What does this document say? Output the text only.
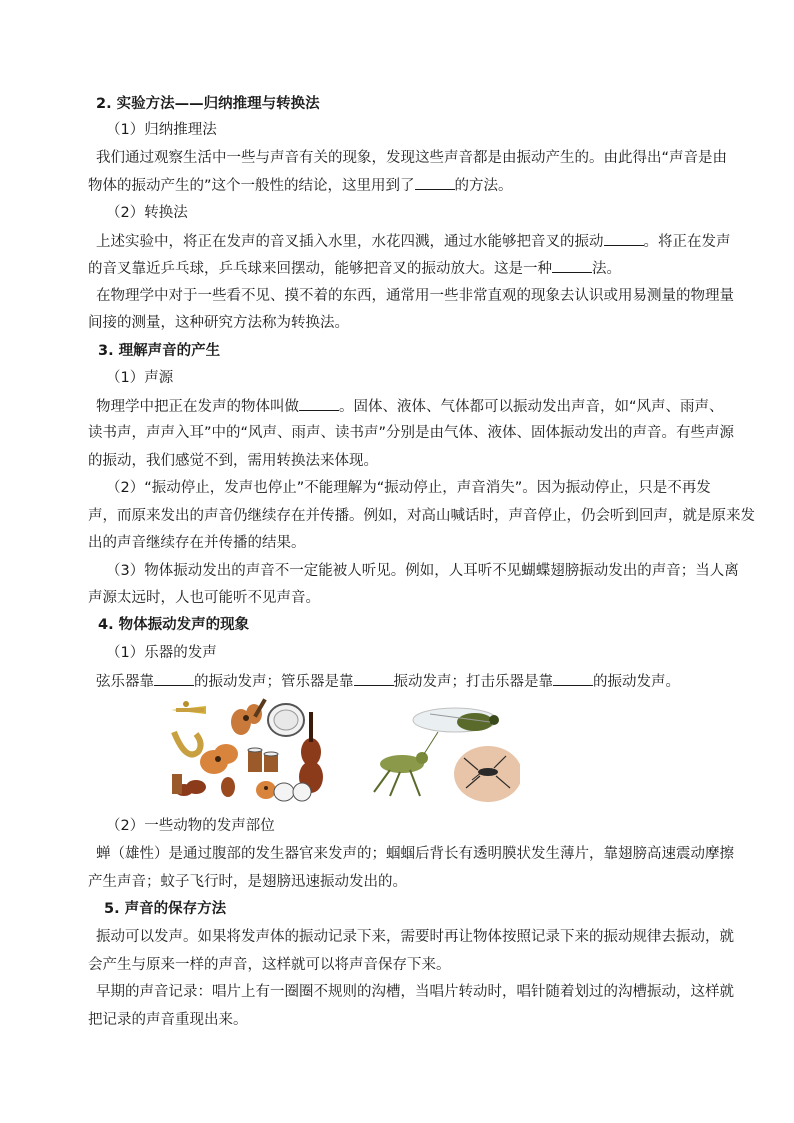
2. 实验方法——归纳推理与转换法
（1）归纳推理法
我们通过观察生活中一些与声音有关的现象，发现这些声音都是由振动产生的。由此得出“声音是由
物体的振动产生的”这个一般性的结论，这里用到了	的方法。
（2）转换法
上述实验中，将正在发声的音叉插入水里，水花四溅，通过水能够把音叉的振动	。将正在发声
的音叉靠近乒乓球，乒乓球来回摆动，能够把音叉的振动放大。这是一种	法。
在物理学中对于一些看不见、摸不着的东西，通常用一些非常直观的现象去认识或用易测量的物理量
间接的测量，这种研究方法称为转换法。
3. 理解声音的产生
（1）声源
物理学中把正在发声的物体叫做	。固体、液体、气体都可以振动发出声音，如“风声、雨声、
读书声，声声入耳”中的“风声、雨声、读书声”分别是由气体、液体、固体振动发出的声音。有些声源
的振动，我们感觉不到，需用转换法来体现。
（2）“振动停止，发声也停止”不能理解为“振动停止，声音消失”。因为振动停止，只是不再发
声，而原来发出的声音仍继续存在并传播。例如，对高山喊话时，声音停止，仍会听到回声，就是原来发
出的声音继续存在并传播的结果。
（3）物体振动发出的声音不一定能被人听见。例如，人耳听不见蝴蝶翅膀振动发出的声音；当人离
声源太远时，人也可能听不见声音。
4. 物体振动发声的现象
（1）乐器的发声
弦乐器靠	的振动发声；管乐器是靠	振动发声；打击乐器是靠	的振动发声。
（2）一些动物的发声部位
蝉（雄性）是通过腹部的发生器官来发声的；蝈蝈后背长有透明膜状发生薄片，靠翅膀高速震动摩擦
产生声音；蚊子飞行时，是翅膀迅速振动发出的。
5. 声音的保存方法
振动可以发声。如果将发声体的振动记录下来，需要时再让物体按照记录下来的振动规律去振动，就
会产生与原来一样的声音，这样就可以将声音保存下来。
早期的声音记录：唱片上有一圈圈不规则的沟槽，当唱片转动时，唱针随着划过的沟槽振动，这样就
把记录的声音重现出来。
